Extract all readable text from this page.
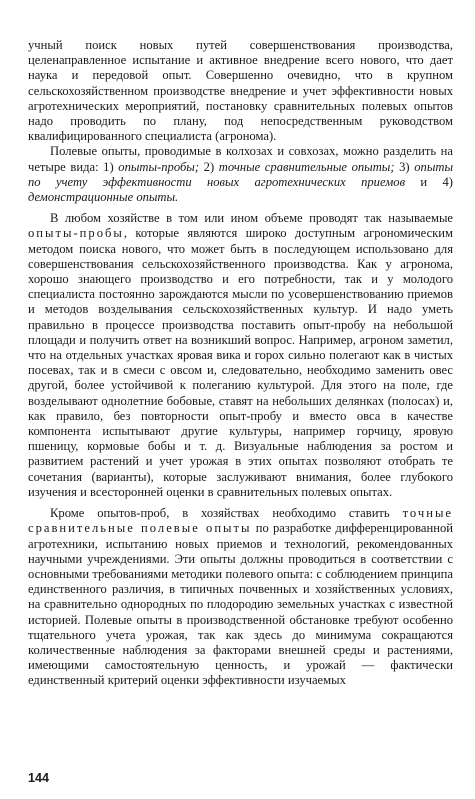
учный поиск новых путей совершенствования производства, целенаправленное испытание и активное внедрение всего нового, что дает наука и передовой опыт. Совершенно очевидно, что в крупном сельскохозяйственном производстве внедрение и учет эффективности новых агротехнических мероприятий, постановку сравнительных полевых опытов надо проводить по плану, под непосредственным руководством квалифицированного специалиста (агронома).

Полевые опыты, проводимые в колхозах и совхозах, можно разделить на четыре вида: 1) опыты-пробы; 2) точные сравнительные опыты; 3) опыты по учету эффективности новых агротехнических приемов и 4) демонстрационные опыты.

В любом хозяйстве в том или ином объеме проводят так называемые опыты-пробы, которые являются широко доступным агрономическим методом поиска нового, что может быть в последующем использовано для совершенствования сельскохозяйственного производства. Как у агронома, хорошо знающего производство и его потребности, так и у молодого специалиста постоянно зарождаются мысли по усовершенствованию приемов и методов возделывания сельскохозяйственных культур. И надо уметь правильно в процессе производства поставить опыт-пробу на небольшой площади и получить ответ на возникший вопрос. Например, агроном заметил, что на отдельных участках яровая вика и горох сильно полегают как в чистых посевах, так и в смеси с овсом и, следовательно, необходимо заменить овес другой, более устойчивой к полеганию культурой. Для этого на поле, где возделывают однолетние бобовые, ставят на небольших делянках (полосах) и, как правило, без повторности опыт-пробу и вместо овса в качестве компонента испытывают другие культуры, например горчицу, яровую пшеницу, кормовые бобы и т. д. Визуальные наблюдения за ростом и развитием растений и учет урожая в этих опытах позволяют отобрать те сочетания (варианты), которые заслуживают внимания, более глубокого изучения и всесторонней оценки в сравнительных полевых опытах.

Кроме опытов-проб, в хозяйствах необходимо ставить точные сравнительные полевые опыты по разработке дифференцированной агротехники, испытанию новых приемов и технологий, рекомендованных научными учреждениями. Эти опыты должны проводиться в соответствии с основными требованиями методики полевого опыта: с соблюдением принципа единственного различия, в типичных почвенных и хозяйственных условиях, на сравнительно однородных по плодородию земельных участках с известной историей. Полевые опыты в производственной обстановке требуют особенно тщательного учета урожая, так как здесь до минимума сокращаются количественные наблюдения за факторами внешней среды и растениями, имеющими самостоятельную ценность, и урожай — фактически единственный критерий оценки эффективности изучаемых

144
